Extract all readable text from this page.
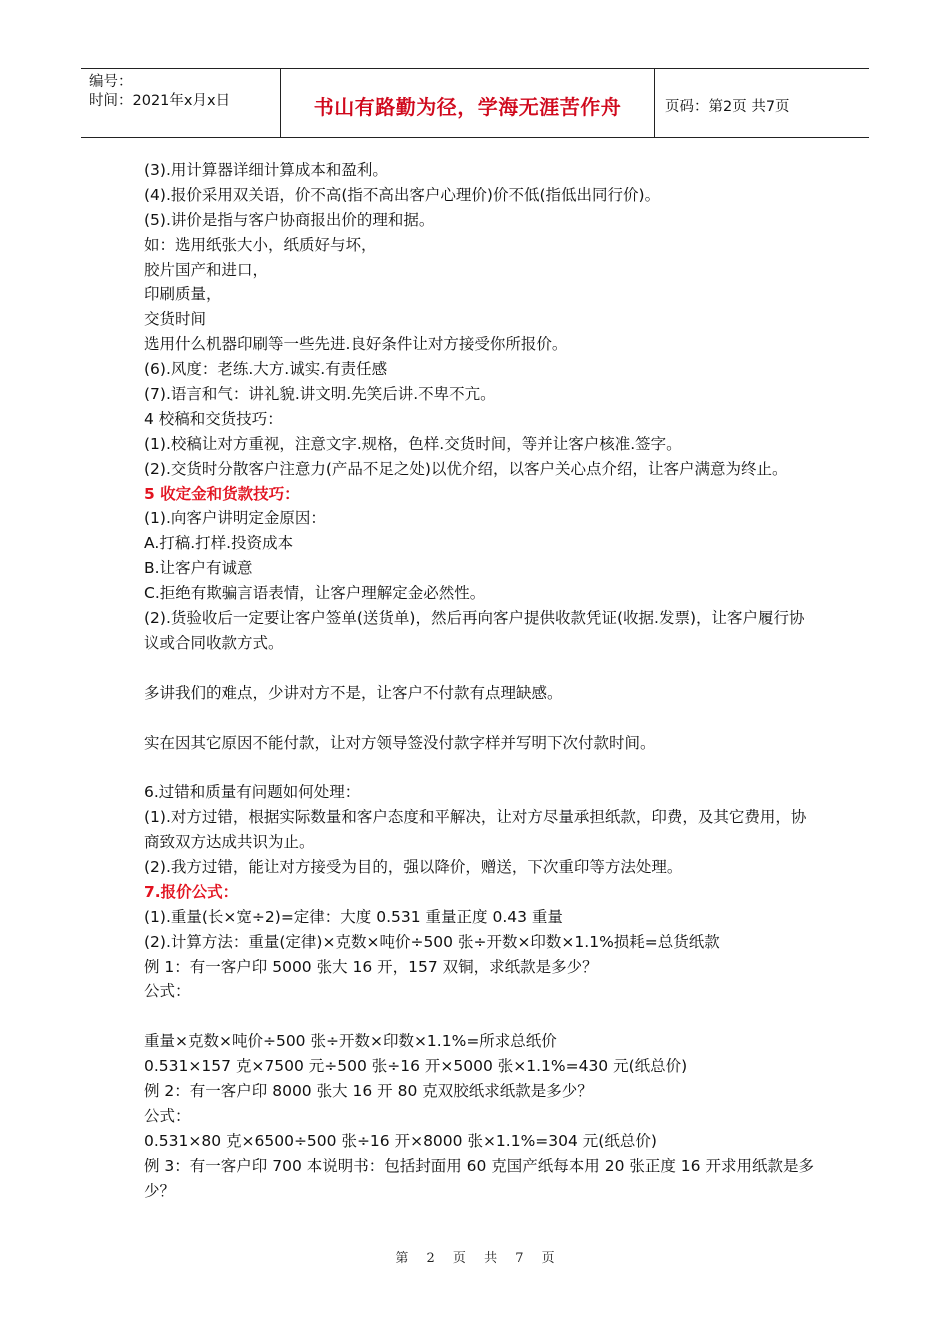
编号：
时间：2021年x月x日	书山有路勤为径，学海无涯苦作舟	页码：第2页 共7页
(3).用计算器详细计算成本和盈利。
(4).报价采用双关语，价不高(指不高出客户心理价)价不低(指低出同行价)。
(5).讲价是指与客户协商报出价的理和据。
如：选用纸张大小，纸质好与坏，
胶片国产和进口，
印刷质量，
交货时间
选用什么机器印刷等一些先进.良好条件让对方接受你所报价。
(6).风度：老练.大方.诚实.有责任感
(7).语言和气：讲礼貌.讲文明.先笑后讲.不卑不亢。
4 校稿和交货技巧：
(1).校稿让对方重视，注意文字.规格，色样.交货时间，等并让客户核准.签字。
(2).交货时分散客户注意力(产品不足之处)以优介绍，以客户关心点介绍，让客户满意为终止。
5 收定金和货款技巧：
(1).向客户讲明定金原因：
A.打稿.打样.投资成本
B.让客户有诚意
C.拒绝有欺骗言语表情，让客户理解定金必然性。
(2).货验收后一定要让客户签单(送货单)，然后再向客户提供收款凭证(收据.发票)，让客户履行协议或合同收款方式。
多讲我们的难点，少讲对方不是，让客户不付款有点理缺感。
实在因其它原因不能付款，让对方领导签没付款字样并写明下次付款时间。
6.过错和质量有问题如何处理：
(1).对方过错，根据实际数量和客户态度和平解决，让对方尽量承担纸款，印费，及其它费用，协商致双方达成共识为止。
(2).我方过错，能让对方接受为目的，强以降价，赠送，下次重印等方法处理。
7.报价公式：
(1).重量(长×宽÷2)=定律：大度 0.531 重量正度 0.43 重量
(2).计算方法：重量(定律)×克数×吨价÷500 张÷开数×印数×1.1%损耗=总货纸款
例 1：有一客户印 5000 张大 16 开，157 双铜，求纸款是多少？
公式：
重量×克数×吨价÷500 张÷开数×印数×1.1%=所求总纸价
0.531×157 克×7500 元÷500 张÷16 开×5000 张×1.1%=430 元(纸总价)
例 2：有一客户印 8000 张大 16 开 80 克双胶纸求纸款是多少？
公式：
0.531×80 克×6500÷500 张÷16 开×8000 张×1.1%=304 元(纸总价)
例 3：有一客户印 700 本说明书：包括封面用 60 克国产纸每本用 20 张正度 16 开求用纸款是多少？
第 2 页 共 7 页
